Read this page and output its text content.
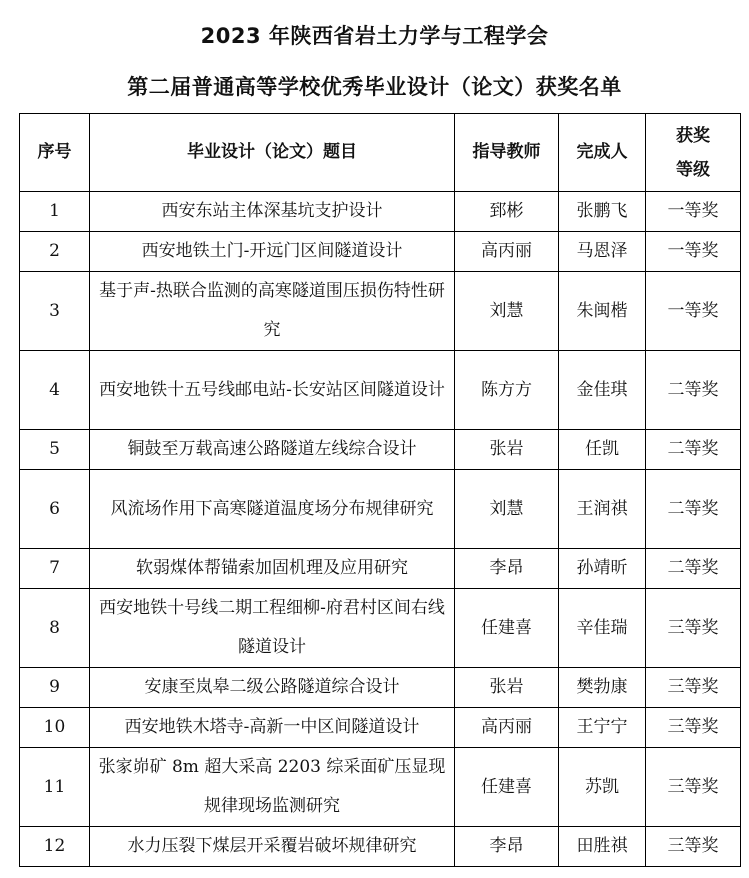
2023 年陕西省岩土力学与工程学会
第二届普通高等学校优秀毕业设计（论文）获奖名单
序号	毕业设计（论文）题目	指导教师	完成人	获奖
等级

1	西安东站主体深基坑支护设计	郅彬	张鹏飞	一等奖
2	西安地铁土门-开远门区间隧道设计	高丙丽	马恩泽	一等奖
3	基于声-热联合监测的高寒隧道围压损伤特性研究	刘慧	朱闽楷	一等奖
4	西安地铁十五号线邮电站-长安站区间隧道设计	陈方方	金佳琪	二等奖
5	铜鼓至万载高速公路隧道左线综合设计	张岩	任凯	二等奖
6	风流场作用下高寒隧道温度场分布规律研究	刘慧	王润祺	二等奖
7	软弱煤体帮锚索加固机理及应用研究	李昂	孙靖昕	二等奖
8	西安地铁十号线二期工程细柳-府君村区间右线隧道设计	任建喜	辛佳瑞	三等奖
9	安康至岚皋二级公路隧道综合设计	张岩	樊勃康	三等奖
10	西安地铁木塔寺-高新一中区间隧道设计	高丙丽	王宁宁	三等奖
11	张家峁矿 8m 超大采高 2203 综采面矿压显现规律现场监测研究	任建喜	苏凯	三等奖
12	水力压裂下煤层开采覆岩破坏规律研究	李昂	田胜祺	三等奖
